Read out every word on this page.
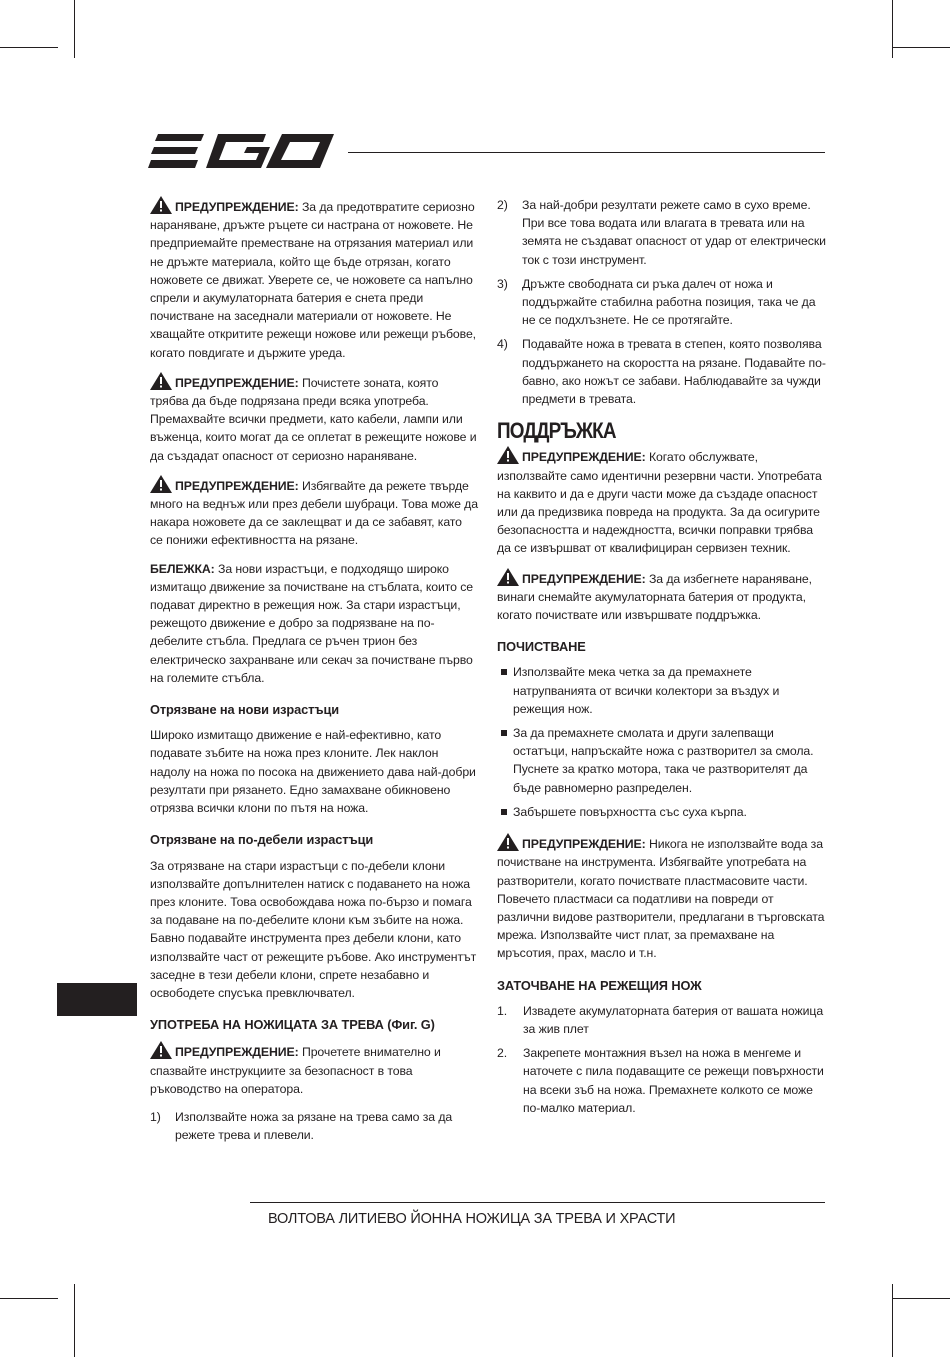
ПРЕДУПРЕЖДЕНИЕ: За да предотвратите сериозно нараняване, дръжте ръцете си настрана от ножовете. Не предприемайте преместване на отрязания материал или не дръжте материала, който ще бъде отрязан, когато ножовете се движат. Уверете се, че ножовете са напълно спрели и акумулаторната батерия е снета преди почистване на заседнали материали от ножовете. Не хващайте откритите режещи ножове или режещи ръбове, когато повдигате и държите уреда.

ПРЕДУПРЕЖДЕНИЕ: Почистете зоната, която трябва да бъде подрязана преди всяка употреба. Премахвайте всички предмети, като кабели, лампи или въженца, които могат да се оплетат в режещите ножове и да създадат опасност от сериозно нараняване.

ПРЕДУПРЕЖДЕНИЕ: Избягвайте да режете твърде много на веднъж или през дебели шубраци. Това може да накара ножовете да се заклещват и да се забавят, като се понижи ефективността на рязане.

БЕЛЕЖКА: За нови израстъци, е подходящо широко измитащо движение за почистване на стъблата, които се подават директно в режещия нож. За стари израстъци, режещото движение е добро за подрязване на по-дебелите стъбла. Предлага се ръчен трион без електрическо захранване или секач за почистване първо на големите стъбла.

Отрязване на нови израстъци

Широко измитащо движение е най-ефективно, като подавате зъбите на ножа през клоните. Лек наклон надолу на ножа по посока на движението дава най-добри резултати при рязането. Едно замахване обикновено отрязва всички клони по пътя на ножа.

Отрязване на по-дебели израстъци

За отрязване на стари израстъци с по-дебели клони използвайте допълнителен натиск с подаването на ножа през клоните. Това освобождава ножа по-бързо и помага за подаване на по-дебелите клони към зъбите на ножа. Бавно подавайте инструмента през дебели клони, като използвайте част от режещите ръбове. Ако инструментът заседне в тези дебели клони, спрете незабавно и освободете спусъка превключвател.

УПОТРЕБА НА НОЖИЦАТА ЗА ТРЕВА (Фиг. G)

ПРЕДУПРЕЖДЕНИЕ: Прочетете внимателно и спазвайте инструкциите за безопасност в това ръководство на оператора.

1) Използвайте ножа за рязане на трева само за да режете трева и плевели.
2) За най-добри резултати режете само в сухо време. При все това водата или влагата в тревата или на земята не създават опасност от удар от електрически ток с този инструмент.
3) Дръжте свободната си ръка далеч от ножа и поддържайте стабилна работна позиция, така че да не се подхлъзнете. Не се протягайте.
4) Подавайте ножа в тревата в степен, която позволява поддържането на скоростта на рязане. Подавайте по-бавно, ако ножът се забави. Наблюдавайте за чужди предмети в тревата.
ПОДДРЪЖКА

ПРЕДУПРЕЖДЕНИЕ: Когато обслужвате, използвайте само идентични резервни части. Употребата на каквито и да е други части може да създаде опасност или да предизвика повреда на продукта. За да осигурите безопасността и надеждността, всички поправки трябва да се извършват от квалифициран сервизен техник.

ПРЕДУПРЕЖДЕНИЕ: За да избегнете нараняване, винаги снемайте акумулаторната батерия от продукта, когато почиствате или извършвате поддръжка.

ПОЧИСТВАНЕ
Използвайте мека четка за да премахнете натрупванията от всички колектори за въздух и режещия нож.
За да премахнете смолата и други залепващи остатъци, напръскайте ножа с разтворител за смола. Пуснете за кратко мотора, така че разтворителят да бъде равномерно разпределен.
Забършете повърхността със суха кърпа.

ПРЕДУПРЕЖДЕНИЕ: Никога не използвайте вода за почистване на инструмента. Избягвайте употребата на разтворители, когато почиствате пластмасовите части. Повечето пластмаси са податливи на повреди от различни видове разтворители, предлагани в търговската мрежа. Използвайте чист плат, за премахване на мръсотия, прах, масло и т.н.

ЗАТОЧВАНЕ НА РЕЖЕЩИЯ НОЖ
1. Извадете акумулаторната батерия от вашата ножица за жив плет
2. Закрепете монтажния възел на ножа в менгеме и наточете с пила подаващите се режещи повърхности на всеки зъб на ножа. Премахнете колкото се може по-малко материал.
ВОЛТОВА ЛИТИЕВО ЙОННА НОЖИЦА ЗА ТРЕВА И ХРАСТИ
